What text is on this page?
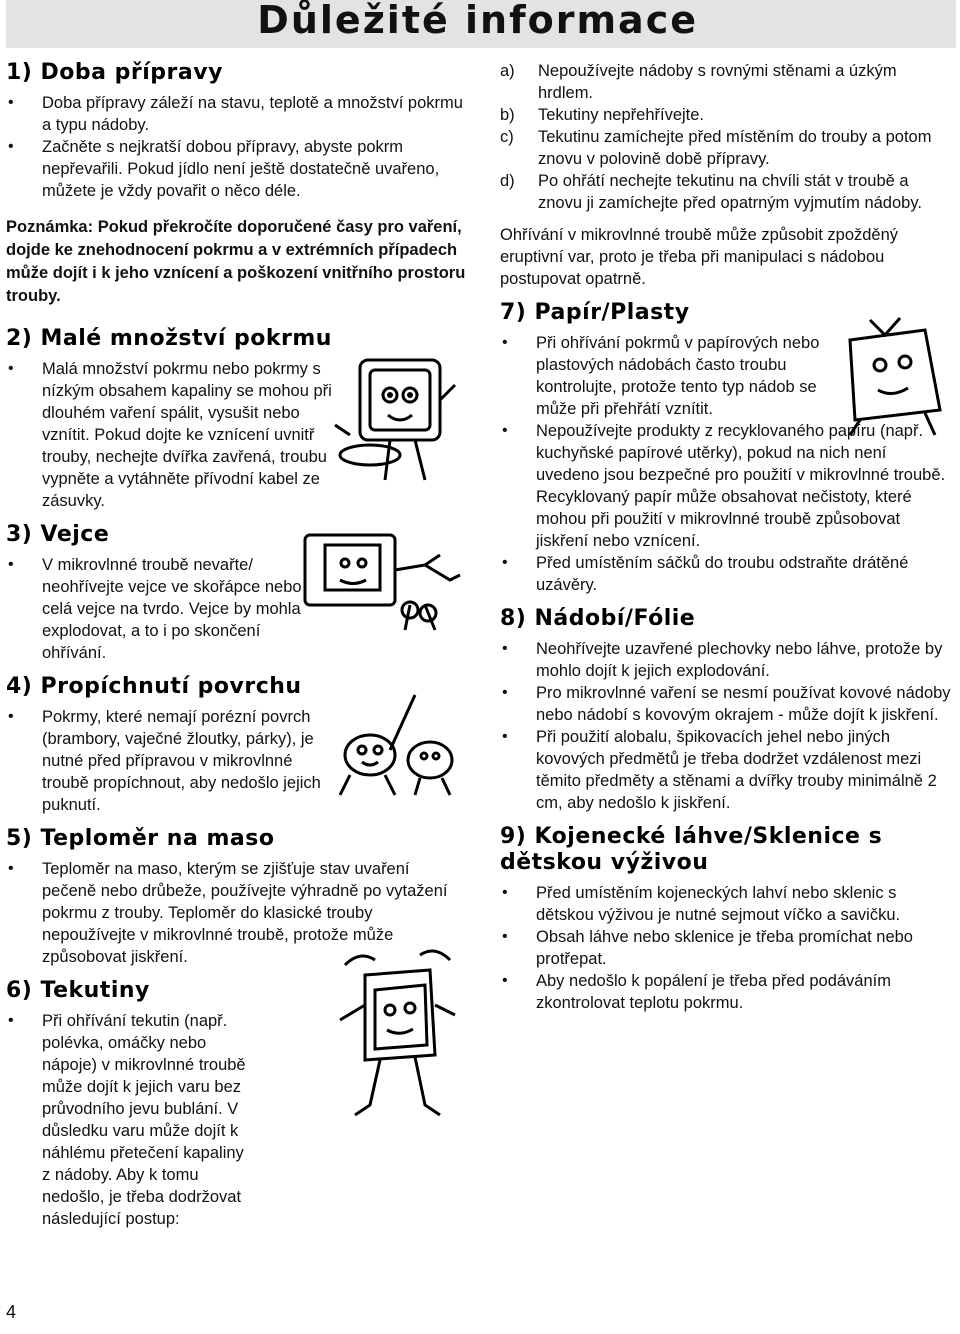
Důležité informace
1) Doba přípravy
• Doba přípravy záleží na stavu, teplotě a množství pokrmu a typu nádoby.
• Začněte s nejkratší dobou přípravy, abyste pokrm nepřevařili. Pokud jídlo není ještě dostatečně uvařeno, můžete je vždy povařit o něco déle.

Poznámka: Pokud překročíte doporučené časy pro vaření, dojde ke znehodnocení pokrmu a v extrémních případech může dojít i k jeho vznícení a poškození vnitřního prostoru trouby.

2) Malé množství pokrmu
• Malá množství pokrmu nebo pokrmy s nízkým obsahem kapaliny se mohou při dlouhém vaření spálit, vysušit nebo vznítit. Pokud dojte ke vznícení uvnitř trouby, nechejte dvířka zavřená, troubu vypněte a vytáhněte přívodní kabel ze zásuvky.
3) Vejce
• V mikrovlnné troubě nevařte/ neohřívejte vejce ve skořápce nebo celá vejce na tvrdo. Vejce by mohla explodovat, a to i po skončení ohřívání.
4) Propíchnutí povrchu
• Pokrmy, které nemají porézní povrch (brambory, vaječné žloutky, párky), je nutné před přípravou v mikrovlnné troubě propíchnout, aby nedošlo jejich puknutí.
5) Teploměr na maso
• Teploměr na maso, kterým se zjišťuje stav uvaření pečeně nebo drůbeže, používejte výhradně po vytažení pokrmu z trouby. Teploměr do klasické trouby nepoužívejte v mikrovlnné troubě, protože může způsobovat jiskření.
6) Tekutiny
• Při ohřívání tekutin (např. polévka, omáčky nebo nápoje) v mikrovlnné troubě může dojít k jejich varu bez průvodního jevu bublání. V důsledku varu může dojít k náhlému přetečení kapaliny z nádoby. Aby k tomu nedošlo, je třeba dodržovat následující postup:
a) Nepoužívejte nádoby s rovnými stěnami a úzkým hrdlem.
b) Tekutiny nepřehřívejte.
c) Tekutinu zamíchejte před místěním do trouby a potom znovu v polovině době přípravy.
d) Po ohřátí nechejte tekutinu na chvíli stát v troubě a znovu ji zamíchejte před opatrným vyjmutím nádoby.

Ohřívání v mikrovlnné troubě může způsobit zpožděný eruptivní var, proto je třeba při manipulaci s nádobou postupovat opatrně.

7) Papír/Plasty
• Při ohřívání pokrmů v papírových nebo plastových nádobách často troubu kontrolujte, protože tento typ nádob se může při přehřátí vznítit.
• Nepoužívejte produkty z recyklovaného papíru (např. kuchyňské papírové utěrky), pokud na nich není uvedeno jsou bezpečné pro použití v mikrovlnné troubě. Recyklovaný papír může obsahovat nečistoty, které mohou při použití v mikrovlnné troubě způsobovat jiskření nebo vznícení.
• Před umístěním sáčků do troubu odstraňte drátěné uzávěry.
8) Nádobí/Fólie
• Neohřívejte uzavřené plechovky nebo láhve, protože by mohlo dojít k jejich explodování.
• Pro mikrovlnné vaření se nesmí používat kovové nádoby nebo nádobí s kovovým okrajem - může dojít k jiskření.
• Při použití alobalu, špikovacích jehel nebo jiných kovových předmětů je třeba dodržet vzdálenost mezi těmito předměty a stěnami a dvířky trouby minimálně 2 cm, aby nedošlo k jiskření.
9) Kojenecké láhve/Sklenice s dětskou výživou
• Před umístěním kojeneckých lahví nebo sklenic s dětskou výživou je nutné sejmout víčko a savičku.
• Obsah láhve nebo sklenice je třeba promíchat nebo protřepat.
• Aby nedošlo k popálení je třeba před podáváním zkontrolovat teplotu pokrmu.
4
